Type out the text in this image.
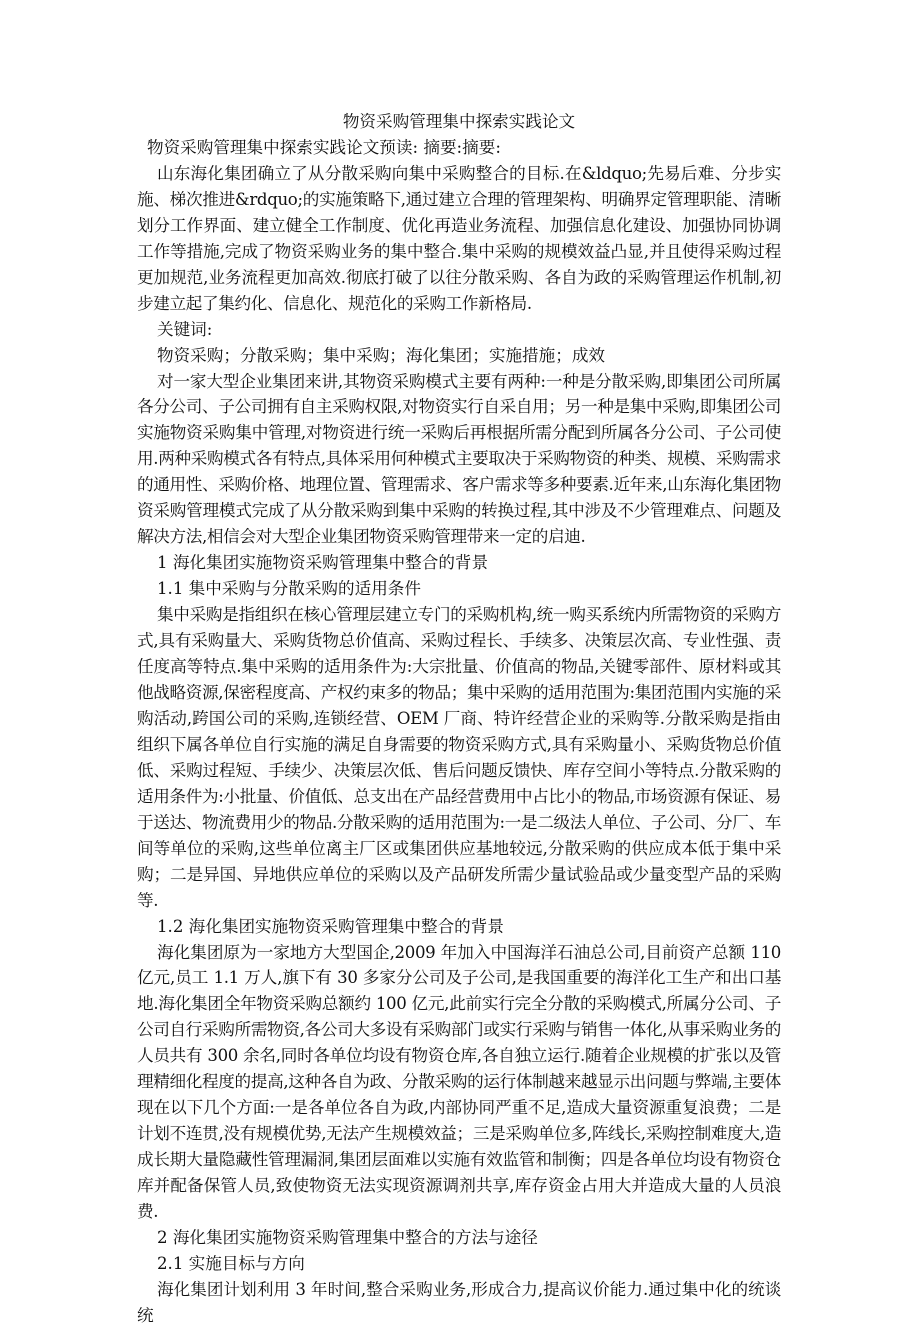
物资采购管理集中探索实践论文
物资采购管理集中探索实践论文预读: 摘要:摘要:

山东海化集团确立了从分散采购向集中采购整合的目标.在&ldquo;先易后难、分步实施、梯次推进&rdquo;的实施策略下,通过建立合理的管理架构、明确界定管理职能、清晰划分工作界面、建立健全工作制度、优化再造业务流程、加强信息化建设、加强协同协调工作等措施,完成了物资采购业务的集中整合.集中采购的规模效益凸显,并且使得采购过程更加规范,业务流程更加高效.彻底打破了以往分散采购、各自为政的采购管理运作机制,初步建立起了集约化、信息化、规范化的采购工作新格局.

关键词:
物资采购；分散采购；集中采购；海化集团；实施措施；成效

对一家大型企业集团来讲,其物资采购模式主要有两种:一种是分散采购,即集团公司所属各分公司、子公司拥有自主采购权限,对物资实行自采自用；另一种是集中采购,即集团公司实施物资采购集中管理,对物资进行统一采购后再根据所需分配到所属各分公司、子公司使用.两种采购模式各有特点,具体采用何种模式主要取决于采购物资的种类、规模、采购需求的通用性、采购价格、地理位置、管理需求、客户需求等多种要素.近年来,山东海化集团物资采购管理模式完成了从分散采购到集中采购的转换过程,其中涉及不少管理难点、问题及解决方法,相信会对大型企业集团物资采购管理带来一定的启迪.

1 海化集团实施物资采购管理集中整合的背景
1.1 集中采购与分散采购的适用条件

集中采购是指组织在核心管理层建立专门的采购机构,统一购买系统内所需物资的采购方式,具有采购量大、采购货物总价值高、采购过程长、手续多、决策层次高、专业性强、责任度高等特点.集中采购的适用条件为:大宗批量、价值高的物品,关键零部件、原材料或其他战略资源,保密程度高、产权约束多的物品；集中采购的适用范围为:集团范围内实施的采购活动,跨国公司的采购,连锁经营、OEM 厂商、特许经营企业的采购等.分散采购是指由组织下属各单位自行实施的满足自身需要的物资采购方式,具有采购量小、采购货物总价值低、采购过程短、手续少、决策层次低、售后问题反馈快、库存空间小等特点.分散采购的适用条件为:小批量、价值低、总支出在产品经营费用中占比小的物品,市场资源有保证、易于送达、物流费用少的物品.分散采购的适用范围为:一是二级法人单位、子公司、分厂、车间等单位的采购,这些单位离主厂区或集团供应基地较远,分散采购的供应成本低于集中采购；二是异国、异地供应单位的采购以及产品研发所需少量试验品或少量变型产品的采购等.

1.2 海化集团实施物资采购管理集中整合的背景

海化集团原为一家地方大型国企,2009 年加入中国海洋石油总公司,目前资产总额 110 亿元,员工 1.1 万人,旗下有 30 多家分公司及子公司,是我国重要的海洋化工生产和出口基地.海化集团全年物资采购总额约 100 亿元,此前实行完全分散的采购模式,所属分公司、子公司自行采购所需物资,各公司大多设有采购部门或实行采购与销售一体化,从事采购业务的人员共有 300 余名,同时各单位均设有物资仓库,各自独立运行.随着企业规模的扩张以及管理精细化程度的提高,这种各自为政、分散采购的运行体制越来越显示出问题与弊端,主要体现在以下几个方面:一是各单位各自为政,内部协同严重不足,造成大量资源重复浪费；二是计划不连贯,没有规模优势,无法产生规模效益；三是采购单位多,阵线长,采购控制难度大,造成长期大量隐藏性管理漏洞,集团层面难以实施有效监管和制衡；四是各单位均设有物资仓库并配备保管人员,致使物资无法实现资源调剂共享,库存资金占用大并造成大量的人员浪费.

2 海化集团实施物资采购管理集中整合的方法与途径
2.1 实施目标与方向

海化集团计划利用 3 年时间,整合采购业务,形成合力,提高议价能力.通过集中化的统谈统
